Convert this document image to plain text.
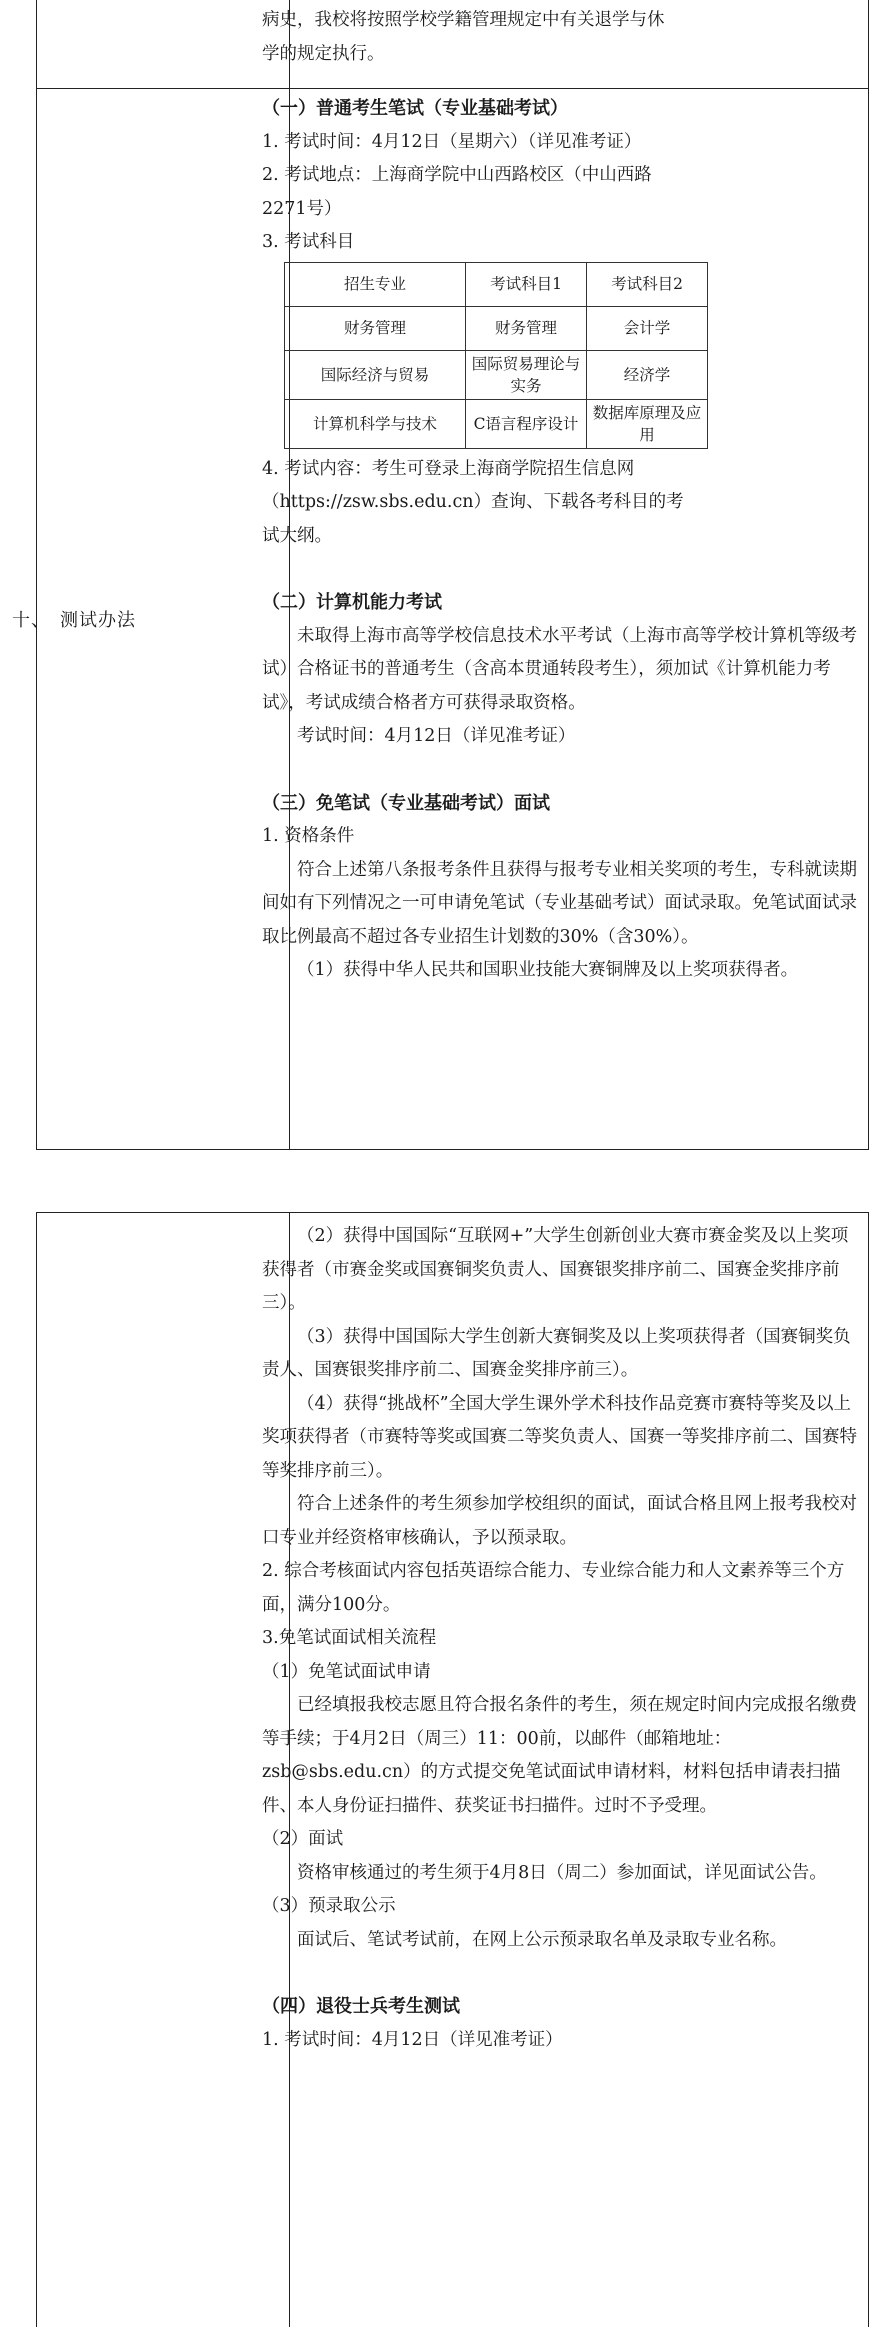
病史，我校将按照学校学籍管理规定中有关退学与休

学的规定执行。

十、　测试办法

（一）普通考生笔试（专业基础考试）

1. 考试时间：4月12日（星期六）（详见准考证）

2. 考试地点：上海商学院中山西路校区（中山西路

2271号）

3. 考试科目

招生专业	考试科目1	考试科目2
财务管理	财务管理	会计学
国际经济与贸易	国际贸易理论与实务	经济学
计算机科学与技术	C语言程序设计	数据库原理及应用

4. 考试内容：考生可登录上海商学院招生信息网

（https://zsw.sbs.edu.cn）查询、下载各考科目的考

试大纲。

（二）计算机能力考试

未取得上海市高等学校信息技术水平考试（上海市高等学校计算机等级考试）合格证书的普通考生（含高本贯通转段考生），须加试《计算机能力考试》，考试成绩合格者方可获得录取资格。

考试时间：4月12日（详见准考证）

（三）免笔试（专业基础考试）面试

1. 资格条件

符合上述第八条报考条件且获得与报考专业相关奖项的考生，专科就读期间如有下列情况之一可申请免笔试（专业基础考试）面试录取。免笔试面试录取比例最高不超过各专业招生计划数的30%（含30%）。

（1）获得中华人民共和国职业技能大赛铜牌及以上奖项获得者。

（2）获得中国国际“互联网+”大学生创新创业大赛市赛金奖及以上奖项获得者（市赛金奖或国赛铜奖负责人、国赛银奖排序前二、国赛金奖排序前三）。

（3）获得中国国际大学生创新大赛铜奖及以上奖项获得者（国赛铜奖负责人、国赛银奖排序前二、国赛金奖排序前三）。

（4）获得“挑战杯”全国大学生课外学术科技作品竞赛市赛特等奖及以上奖项获得者（市赛特等奖或国赛二等奖负责人、国赛一等奖排序前二、国赛特等奖排序前三）。

符合上述条件的考生须参加学校组织的面试，面试合格且网上报考我校对口专业并经资格审核确认，予以预录取。

2. 综合考核面试内容包括英语综合能力、专业综合能力和人文素养等三个方面，满分100分。

3.免笔试面试相关流程

（1）免笔试面试申请

已经填报我校志愿且符合报名条件的考生，须在规定时间内完成报名缴费等手续；于4月2日（周三）11：00前，以邮件（邮箱地址：zsb@sbs.edu.cn）的方式提交免笔试面试申请材料，材料包括申请表扫描件、本人身份证扫描件、获奖证书扫描件。过时不予受理。

（2）面试

资格审核通过的考生须于4月8日（周二）参加面试，详见面试公告。

（3）预录取公示

面试后、笔试考试前，在网上公示预录取名单及录取专业名称。

（四）退役士兵考生测试

1. 考试时间：4月12日（详见准考证）
